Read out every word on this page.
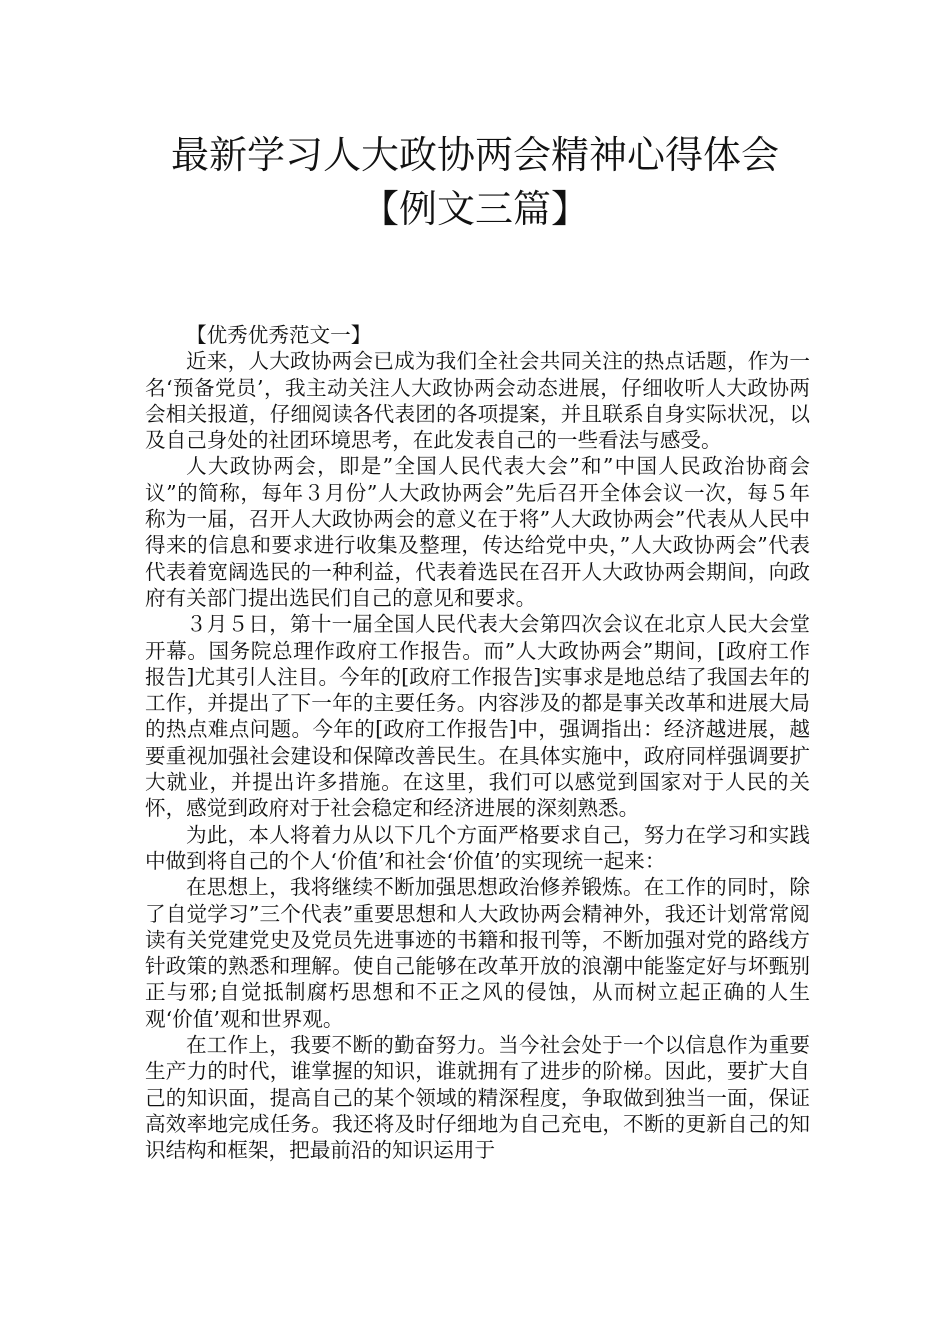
最新学习人大政协两会精神心得体会
【例文三篇】

【优秀优秀范文一】

近来，人大政协两会已成为我们全社会共同关注的热点话题，作为一名‘预备党员’，我主动关注人大政协两会动态进展，仔细收听人大政协两会相关报道，仔细阅读各代表团的各项提案，并且联系自身实际状况，以及自己身处的社团环境思考，在此发表自己的一些看法与感受。

人大政协两会，即是”全国人民代表大会”和”中国人民政治协商会议”的简称，每年３月份”人大政协两会”先后召开全体会议一次，每５年称为一届，召开人大政协两会的意义在于将”人大政协两会”代表从人民中得来的信息和要求进行收集及整理，传达给党中央，”人大政协两会”代表代表着宽阔选民的一种利益，代表着选民在召开人大政协两会期间，向政府有关部门提出选民们自己的意见和要求。

３月５日，第十一届全国人民代表大会第四次会议在北京人民大会堂开幕。国务院总理作政府工作报告。而”人大政协两会”期间，[政府工作报告]尤其引人注目。今年的[政府工作报告]实事求是地总结了我国去年的工作，并提出了下一年的主要任务。内容涉及的都是事关改革和进展大局的热点难点问题。今年的[政府工作报告]中，强调指出：经济越进展，越要重视加强社会建设和保障改善民生。在具体实施中，政府同样强调要扩大就业，并提出许多措施。在这里，我们可以感觉到国家对于人民的关怀，感觉到政府对于社会稳定和经济进展的深刻熟悉。

为此，本人将着力从以下几个方面严格要求自己，努力在学习和实践中做到将自己的个人‘价值’和社会‘价值’的实现统一起来：

在思想上，我将继续不断加强思想政治修养锻炼。在工作的同时，除了自觉学习”三个代表”重要思想和人大政协两会精神外，我还计划常常阅读有关党建党史及党员先进事迹的书籍和报刊等，不断加强对党的路线方针政策的熟悉和理解。使自己能够在改革开放的浪潮中能鉴定好与坏甄别正与邪;自觉抵制腐朽思想和不正之风的侵蚀，从而树立起正确的人生观‘价值’观和世界观。

在工作上，我要不断的勤奋努力。当今社会处于一个以信息作为重要生产力的时代，谁掌握的知识，谁就拥有了进步的阶梯。因此，要扩大自己的知识面，提高自己的某个领域的精深程度，争取做到独当一面，保证高效率地完成任务。我还将及时仔细地为自己充电，不断的更新自己的知识结构和框架，把最前沿的知识运用于
